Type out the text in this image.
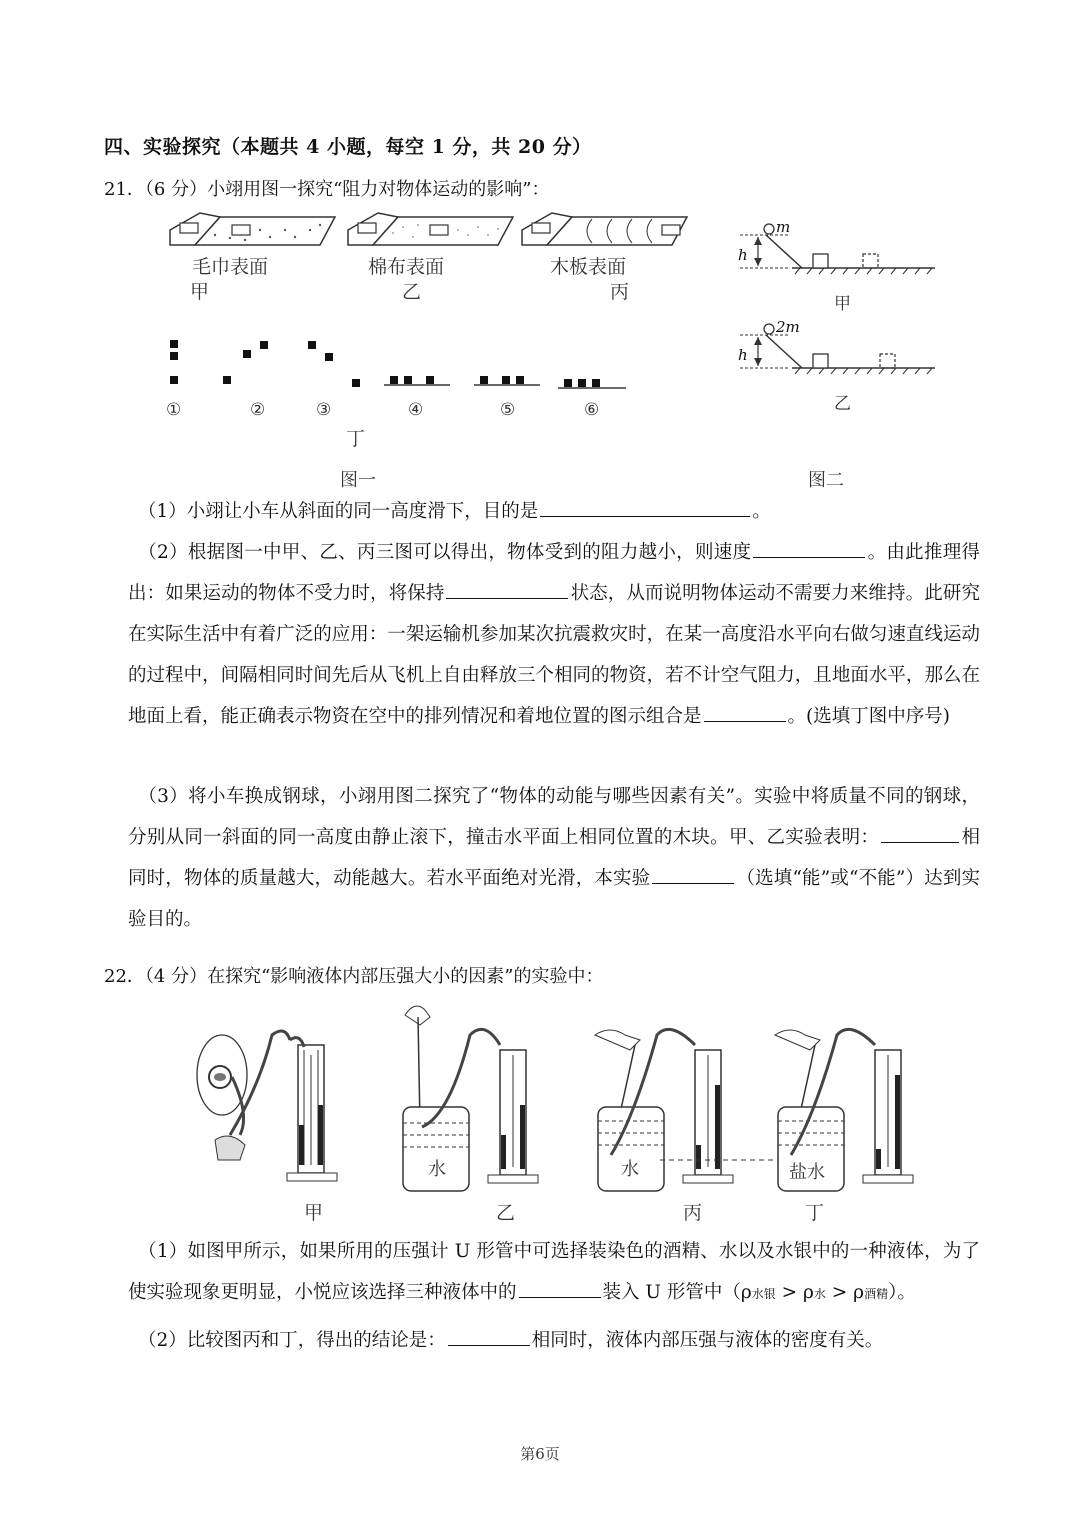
四、实验探究（本题共 4 小题，每空 1 分，共 20 分）
21．（6 分）小翊用图一探究“阻力对物体运动的影响”：
毛巾表面	棉布表面	木板表面
甲	乙	丙
①	②	③	④	⑤	⑥
丁
图一
h
m
甲
h
2m
乙
图二
（1）小翊让小车从斜面的同一高度滑下，目的是	。
（2）根据图一中甲、乙、丙三图可以得出，物体受到的阻力越小，则速度	。由此推理得出：如果运动的物体不受力时，将保持	状态，从而说明物体运动不需要力来维持。此研究在实际生活中有着广泛的应用：一架运输机参加某次抗震救灾时，在某一高度沿水平向右做匀速直线运动的过程中，间隔相同时间先后从飞机上自由释放三个相同的物资，若不计空气阻力，且地面水平，那么在地面上看，能正确表示物资在空中的排列情况和着地位置的图示组合是	。(选填丁图中序号)
（3）将小车换成钢球，小翊用图二探究了“物体的动能与哪些因素有关”。实验中将质量不同的钢球，分别从同一斜面的同一高度由静止滚下，撞击水平面上相同位置的木块。甲、乙实验表明：	相同时，物体的质量越大，动能越大。若水平面绝对光滑，本实验	（选填“能”或“不能”）达到实验目的。
22．（4 分）在探究“影响液体内部压强大小的因素”的实验中：
甲
水
乙
水
丙
盐水
丁
（1）如图甲所示，如果所用的压强计 U 形管中可选择装染色的酒精、水以及水银中的一种液体，为了使实验现象更明显，小悦应该选择三种液体中的	装入 U 形管中（ρ水银 > ρ水 > ρ酒精）。
（2）比较图丙和丁，得出的结论是：	相同时，液体内部压强与液体的密度有关。
第6页
